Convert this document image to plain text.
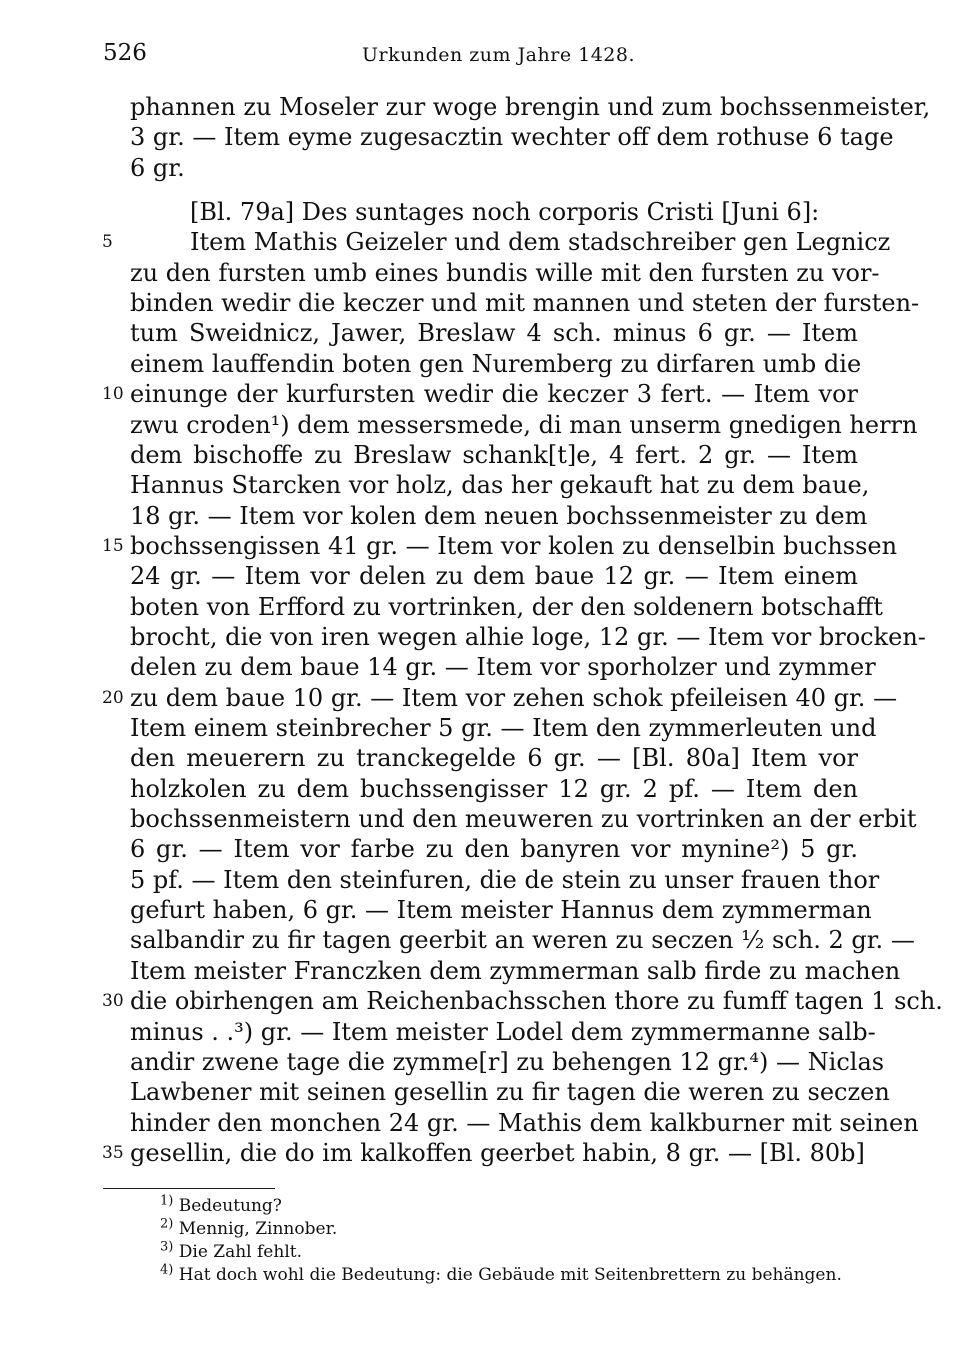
526	Urkunden zum Jahre 1428.
phannen zu Moseler zur woge brengin und zum bochssenmeister,
3 gr. — Item eyme zugesacztin wechter off dem rothuse 6 tage
6 gr.
[Bl. 79a] Des suntages noch corporis Cristi [Juni 6]:
Item Mathis Geizeler und dem stadschreiber gen Legnicz
5
zu den fursten umb eines bundis wille mit den fursten zu vor-
binden wedir die keczer und mit mannen und steten der fursten-
tum Sweidnicz, Jawer, Breslaw 4 sch. minus 6 gr. — Item
einem lauffendin boten gen Nuremberg zu dirfaren umb die
einunge der kurfursten wedir die keczer 3 fert. — Item vor
10
zwu croden¹) dem messersmede, di man unserm gnedigen herrn
dem bischoffe zu Breslaw schank[t]e, 4 fert. 2 gr. — Item
Hannus Starcken vor holz, das her gekauft hat zu dem baue,
18 gr. — Item vor kolen dem neuen bochssenmeister zu dem
bochssengissen 41 gr. — Item vor kolen zu denselbin buchssen
15
24 gr. — Item vor delen zu dem baue 12 gr. — Item einem
boten von Erfford zu vortrinken, der den soldenern botschafft
brocht, die von iren wegen alhie loge, 12 gr. — Item vor brocken-
delen zu dem baue 14 gr. — Item vor sporholzer und zymmer
zu dem baue 10 gr. — Item vor zehen schok pfeileisen 40 gr. —
20
Item einem steinbrecher 5 gr. — Item den zymmerleuten und
den meuerern zu tranckegelde 6 gr. — [Bl. 80a] Item vor
holzkolen zu dem buchssengisser 12 gr. 2 pf. — Item den
bochssenmeistern und den meuweren zu vortrinken an der erbit
6 gr. — Item vor farbe zu den banyren vor mynine²) 5 gr.
5 pf. — Item den steinfuren, die de stein zu unser frauen thor
gefurt haben, 6 gr. — Item meister Hannus dem zymmerman
salbandir zu fir tagen geerbit an weren zu seczen ½ sch. 2 gr. —
Item meister Franczken dem zymmerman salb firde zu machen
die obirhengen am Reichenbachsschen thore zu fumff tagen 1 sch.
30
minus . .³) gr. — Item meister Lodel dem zymmermanne salb-
andir zwene tage die zymme[r] zu behengen 12 gr.⁴) — Niclas
Lawbener mit seinen gesellin zu fir tagen die weren zu seczen
hinder den monchen 24 gr. — Mathis dem kalkburner mit seinen
gesellin, die do im kalkoffen geerbet habin, 8 gr. — [Bl. 80b]
35
$^{1)}$ Bedeutung?
$^{2)}$ Mennig, Zinnober.
$^{3)}$ Die Zahl fehlt.
$^{4)}$ Hat doch wohl die Bedeutung: die Gebäude mit Seitenbrettern zu behängen.
